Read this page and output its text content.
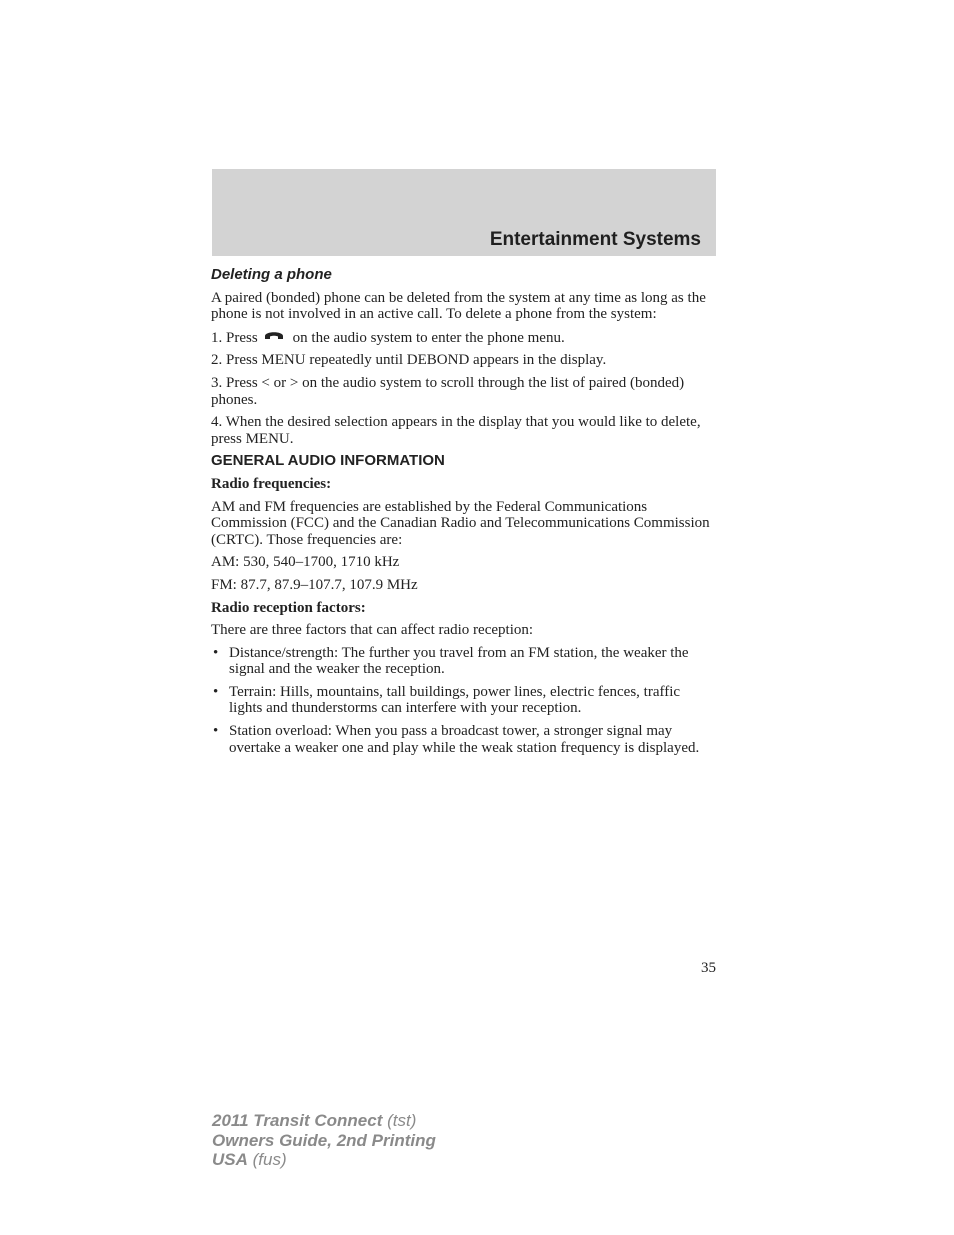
Entertainment Systems
Deleting a phone
A paired (bonded) phone can be deleted from the system at any time as long as the phone is not involved in an active call. To delete a phone from the system:
1. Press on the audio system to enter the phone menu.
2. Press MENU repeatedly until DEBOND appears in the display.
3. Press < or > on the audio system to scroll through the list of paired (bonded) phones.
4. When the desired selection appears in the display that you would like to delete, press MENU.
GENERAL AUDIO INFORMATION
Radio frequencies:
AM and FM frequencies are established by the Federal Communications Commission (FCC) and the Canadian Radio and Telecommunications Commission (CRTC). Those frequencies are:
AM: 530, 540–1700, 1710 kHz
FM: 87.7, 87.9–107.7, 107.9 MHz
Radio reception factors:
There are three factors that can affect radio reception:
• Distance/strength: The further you travel from an FM station, the weaker the signal and the weaker the reception.
• Terrain: Hills, mountains, tall buildings, power lines, electric fences, traffic lights and thunderstorms can interfere with your reception.
• Station overload: When you pass a broadcast tower, a stronger signal may overtake a weaker one and play while the weak station frequency is displayed.
35
2011 Transit Connect (tst)
Owners Guide, 2nd Printing
USA (fus)
